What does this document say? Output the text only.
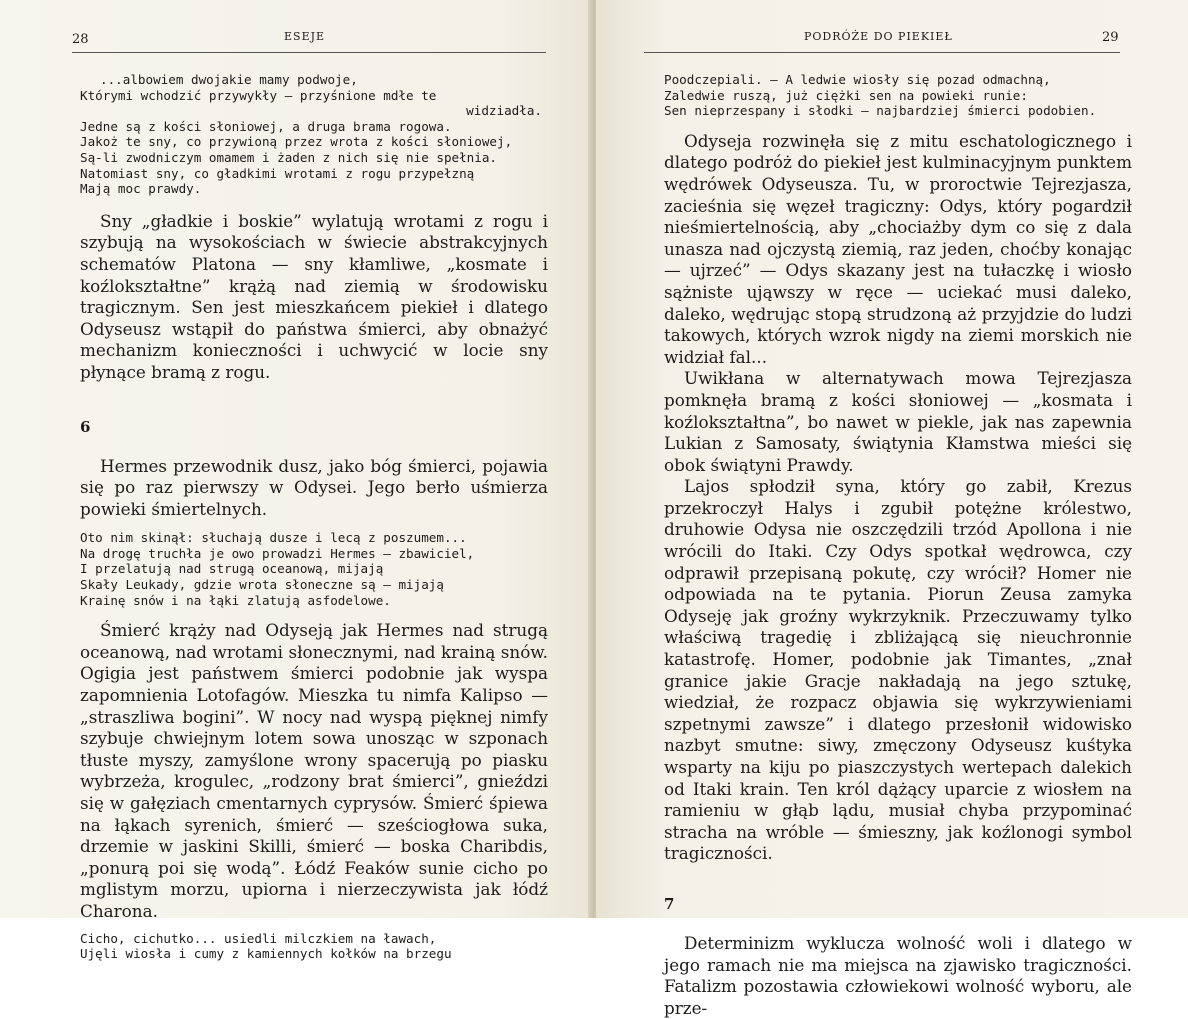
28	ESEJE
...albowiem dwojakie mamy podwoje,
Którymi wchodzić przywykły — przyśnione mdłe te
widziadła.
Jedne są z kości słoniowej, a druga brama rogowa.
Jakoż te sny, co przywioną przez wrota z kości słoniowej,
Są-li zwodniczym omamem i żaden z nich się nie spełnia.
Natomiast sny, co gładkimi wrotami z rogu przypełzną
Mają moc prawdy.

Sny „gładkie i boskie” wylatują wrotami z rogu i szybują na wysokościach w świecie abstrakcyjnych schematów Platona — sny kłamliwe, „kosmate i koźlokształtne” krążą nad ziemią w środowisku tragicznym. Sen jest mieszkańcem piekieł i dlatego Odyseusz wstąpił do państwa śmierci, aby obnażyć mechanizm konieczności i uchwycić w locie sny płynące bramą z rogu.

6

Hermes przewodnik dusz, jako bóg śmierci, pojawia się po raz pierwszy w Odysei. Jego berło uśmierza powieki śmiertelnych.

Oto nim skinął: słuchają dusze i lecą z poszumem...
Na drogę truchła je owo prowadzi Hermes — zbawiciel,
I przelatują nad strugą oceanową, mijają
Skały Leukady, gdzie wrota słoneczne są — mijają
Krainę snów i na łąki zlatują asfodelowe.

Śmierć krąży nad Odyseją jak Hermes nad strugą oceanową, nad wrotami słonecznymi, nad krainą snów. Ogigia jest państwem śmierci podobnie jak wyspa zapomnienia Lotofagów. Mieszka tu nimfa Kalipso — „straszliwa bogini”. W nocy nad wyspą pięknej nimfy szybuje chwiejnym lotem sowa unosząc w szponach tłuste myszy, zamyślone wrony spacerują po piasku wybrzeża, krogulec, „rodzony brat śmierci”, gnieździ się w gałęziach cmentarnych cyprysów. Śmierć śpiewa na łąkach syrenich, śmierć — sześciogłowa suka, drzemie w jaskini Skilli, śmierć — boska Charibdis, „ponurą poi się wodą”. Łódź Feaków sunie cicho po mglistym morzu, upiorna i nierzeczywista jak łódź Charona.

Cicho, cichutko... usiedli milczkiem na ławach,
Ujęli wiosła i cumy z kamiennych kołków na brzegu
PODRÓŻE DO PIEKIEŁ	29
Poodczepiali. — A ledwie wiosły się pozad odmachną,
Zaledwie ruszą, już ciężki sen na powieki runie:
Sen nieprzespany i słodki — najbardziej śmierci podobien.

Odyseja rozwinęła się z mitu eschatologicznego i dlatego podróż do piekieł jest kulminacyjnym punktem wędrówek Odyseusza. Tu, w proroctwie Tejrezjasza, zacieśnia się węzeł tragiczny: Odys, który pogardził nieśmiertelnością, aby „chociażby dym co się z dala unasza nad ojczystą ziemią, raz jeden, choćby konając — ujrzeć” — Odys skazany jest na tułaczkę i wiosło sążniste ująwszy w ręce — uciekać musi daleko, daleko, wędrując stopą strudzoną aż przyjdzie do ludzi takowych, których wzrok nigdy na ziemi morskich nie widział fal...

Uwikłana w alternatywach mowa Tejrezjasza pomknęła bramą z kości słoniowej — „kosmata i koźlokształtna”, bo nawet w piekle, jak nas zapewnia Lukian z Samosaty, świątynia Kłamstwa mieści się obok świątyni Prawdy.

Lajos spłodził syna, który go zabił, Krezus przekroczył Halys i zgubił potężne królestwo, druhowie Odysa nie oszczędzili trzód Apollona i nie wrócili do Itaki. Czy Odys spotkał wędrowca, czy odprawił przepisaną pokutę, czy wrócił? Homer nie odpowiada na te pytania. Piorun Zeusa zamyka Odyseję jak groźny wykrzyknik. Przeczuwamy tylko właściwą tragedię i zbliżającą się nieuchronnie katastrofę. Homer, podobnie jak Timantes, „znał granice jakie Gracje nakładają na jego sztukę, wiedział, że rozpacz objawia się wykrzywieniami szpetnymi zawsze” i dlatego przesłonił widowisko nazbyt smutne: siwy, zmęczony Odyseusz kuśtyka wsparty na kiju po piaszczystych wertepach dalekich od Itaki krain. Ten król dążący uparcie z wiosłem na ramieniu w głąb lądu, musiał chyba przypominać stracha na wróble — śmieszny, jak koźlonogi symbol tragiczności.

7

Determinizm wyklucza wolność woli i dlatego w jego ramach nie ma miejsca na zjawisko tragiczności. Fatalizm pozostawia człowiekowi wolność wyboru, ale prze-
